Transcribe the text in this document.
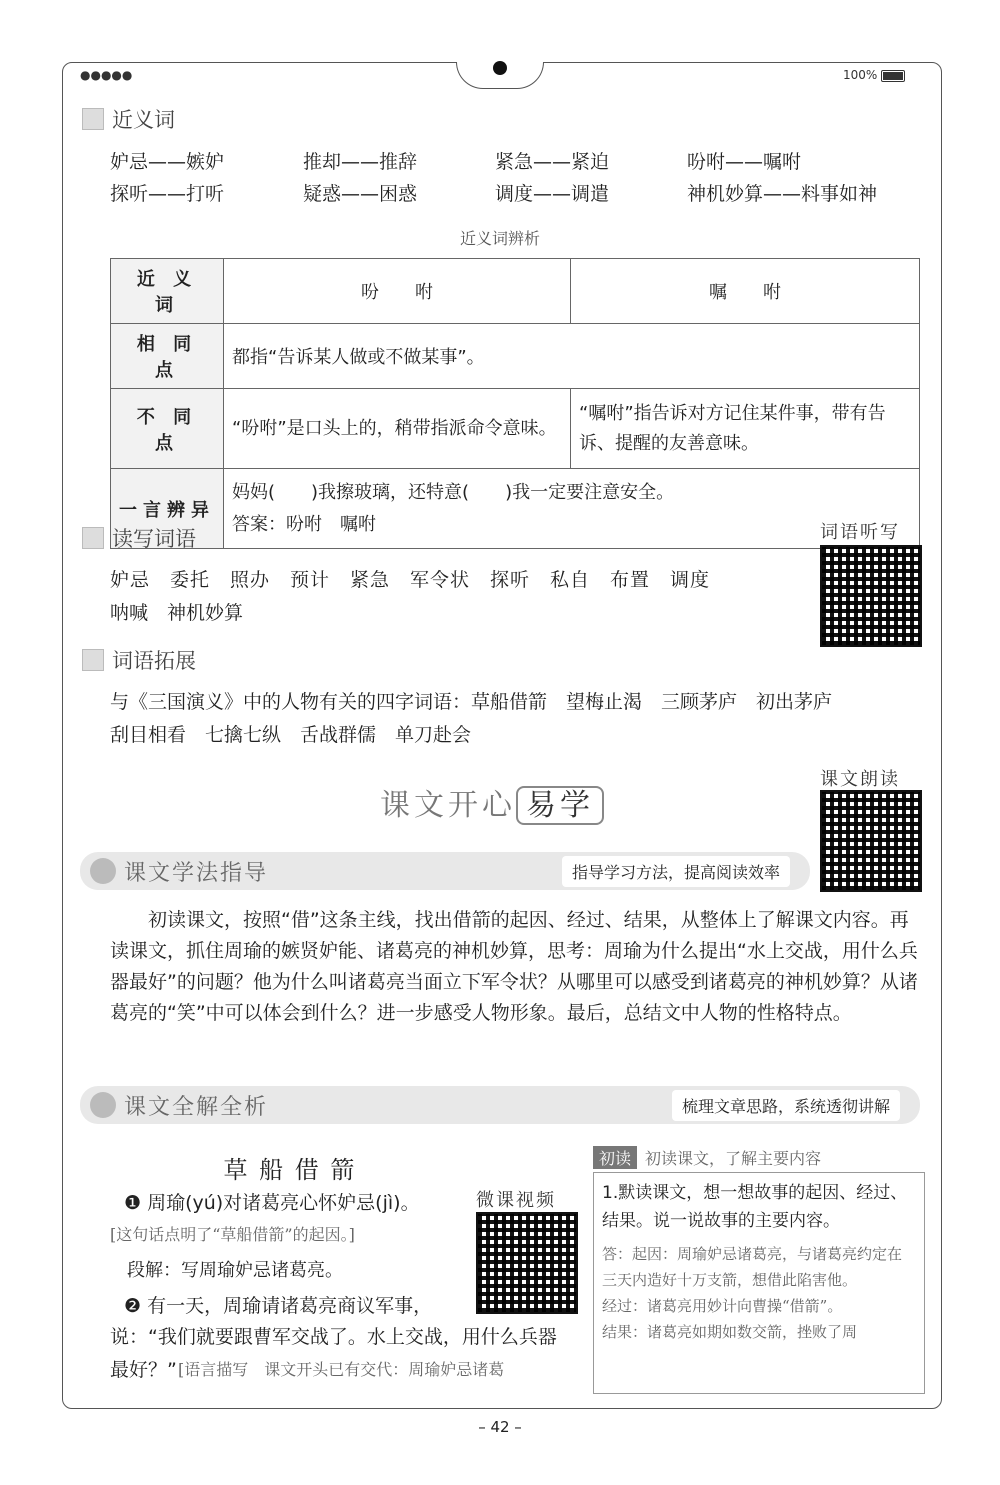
●●●●●	100%
近义词
妒忌——嫉妒	推却——推辞	紧急——紧迫	吩咐——嘱咐
探听——打听	疑惑——困惑	调度——调遣	神机妙算——料事如神
近义词辨析
近 义 词	吩　　咐	嘱　　咐
相 同 点	都指“告诉某人做或不做某事”。	
不 同 点	“吩咐”是口头上的，稍带指派命令意味。	“嘱咐”指告诉对方记住某件事，带有告诉、提醒的友善意味。
一言辨异	妈妈(　　)我擦玻璃，还特意(　　)我一定要注意安全。
答案：吩咐　嘱咐	
读写词语	词语听写
妒忌　委托　照办　预计　紧急　军令状　探听　私自　布置　调度
呐喊　神机妙算
词语拓展
与《三国演义》中的人物有关的四字词语：草船借箭　望梅止渴　三顾茅庐　初出茅庐
刮目相看　七擒七纵　舌战群儒　单刀赴会
课文开心 易学
课文朗读
课文学法指导	指导学习方法，提高阅读效率
初读课文，按照“借”这条主线，找出借箭的起因、经过、结果，从整体上了解课文内容。再读课文，抓住周瑜的嫉贤妒能、诸葛亮的神机妙算，思考：周瑜为什么提出“水上交战，用什么兵器最好”的问题？他为什么叫诸葛亮当面立下军令状？从哪里可以感受到诸葛亮的神机妙算？从诸葛亮的“笑”中可以体会到什么？进一步感受人物形象。最后，总结文中人物的性格特点。
课文全解全析	梳理文章思路，系统透彻讲解
草 船 借 箭
微课视频
❶ 周瑜(yú)对诸葛亮心怀妒忌(jì)。
[这句话点明了“草船借箭”的起因。]
段解：写周瑜妒忌诸葛亮。
❷ 有一天，周瑜请诸葛亮商议军事，
说：“我们就要跟曹军交战了。水上交战，用什么兵器
最好？” [语言描写　课文开头已有交代：周瑜妒忌诸葛
初读 初读课文，了解主要内容
1.默读课文，想一想故事的起因、经过、结果。说一说故事的主要内容。
答：起因：周瑜妒忌诸葛亮，与诸葛亮约定在三天内造好十万支箭，想借此陷害他。
经过：诸葛亮用妙计向曹操“借箭”。
结果：诸葛亮如期如数交箭，挫败了周
– 42 –
